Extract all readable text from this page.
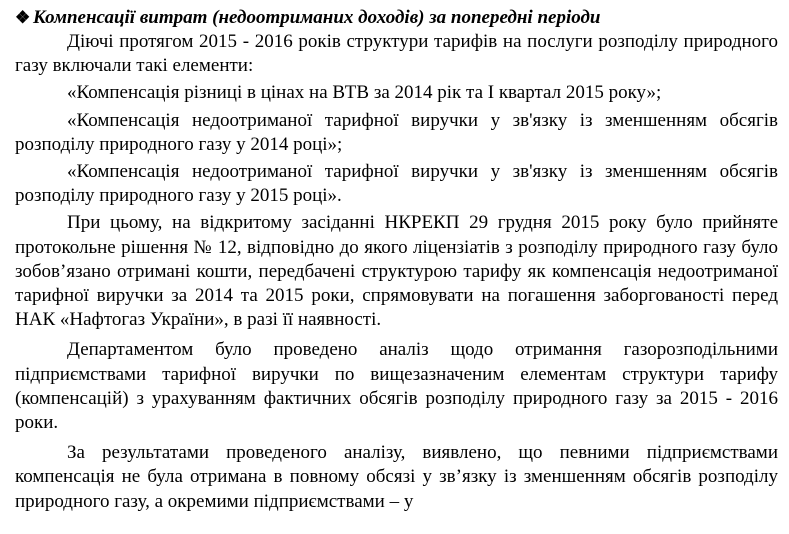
❖ Компенсації витрат (недоотриманих доходів) за попередні періоди

Діючі протягом 2015 - 2016 років структури тарифів на послуги розподілу природного газу включали такі елементи:

«Компенсація різниці в цінах на ВТВ за 2014 рік та І квартал 2015 року»;

«Компенсація недоотриманої тарифної виручки у зв'язку із зменшенням обсягів розподілу природного газу у 2014 році»;

«Компенсація недоотриманої тарифної виручки у зв'язку із зменшенням обсягів розподілу природного газу у 2015 році».

При цьому, на відкритому засіданні НКРЕКП 29 грудня 2015 року було прийняте протокольне рішення № 12, відповідно до якого ліцензіатів з розподілу природного газу було зобов’язано отримані кошти, передбачені структурою тарифу як компенсація недоотриманої тарифної виручки за 2014 та 2015 роки, спрямовувати на погашення заборгованості перед НАК «Нафтогаз України», в разі її наявності.

Департаментом було проведено аналіз щодо отримання газорозподільними підприємствами тарифної виручки по вищезазначеним елементам структури тарифу (компенсацій) з урахуванням фактичних обсягів розподілу природного газу за 2015 - 2016 роки.

За результатами проведеного аналізу, виявлено, що певними підприємствами компенсація не була отримана в повному обсязі у зв’язку із зменшенням обсягів розподілу природного газу, а окремими підприємствами – у
